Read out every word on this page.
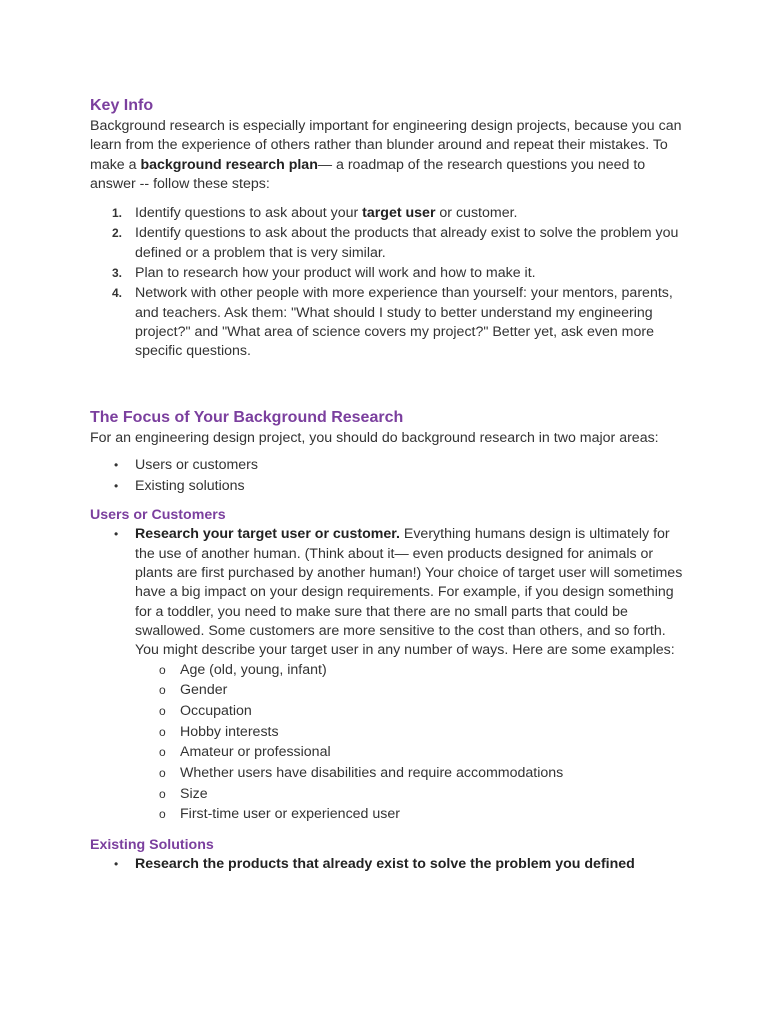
Key Info

Background research is especially important for engineering design projects, because you can learn from the experience of others rather than blunder around and repeat their mistakes. To make a background research plan— a roadmap of the research questions you need to answer -- follow these steps:

1. Identify questions to ask about your target user or customer.
2. Identify questions to ask about the products that already exist to solve the problem you defined or a problem that is very similar.
3. Plan to research how your product will work and how to make it.
4. Network with other people with more experience than yourself: your mentors, parents, and teachers. Ask them: "What should I study to better understand my engineering project?" and "What area of science covers my project?" Better yet, ask even more specific questions.
The Focus of Your Background Research

For an engineering design project, you should do background research in two major areas:

• Users or customers
• Existing solutions
Users or Customers
• Research your target user or customer. Everything humans design is ultimately for the use of another human. (Think about it— even products designed for animals or plants are first purchased by another human!) Your choice of target user will sometimes have a big impact on your design requirements. For example, if you design something for a toddler, you need to make sure that there are no small parts that could be swallowed. Some customers are more sensitive to the cost than others, and so forth. You might describe your target user in any number of ways. Here are some examples:
o Age (old, young, infant)
o Gender
o Occupation
o Hobby interests
o Amateur or professional
o Whether users have disabilities and require accommodations
o Size
o First-time user or experienced user
Existing Solutions
• Research the products that already exist to solve the problem you defined
